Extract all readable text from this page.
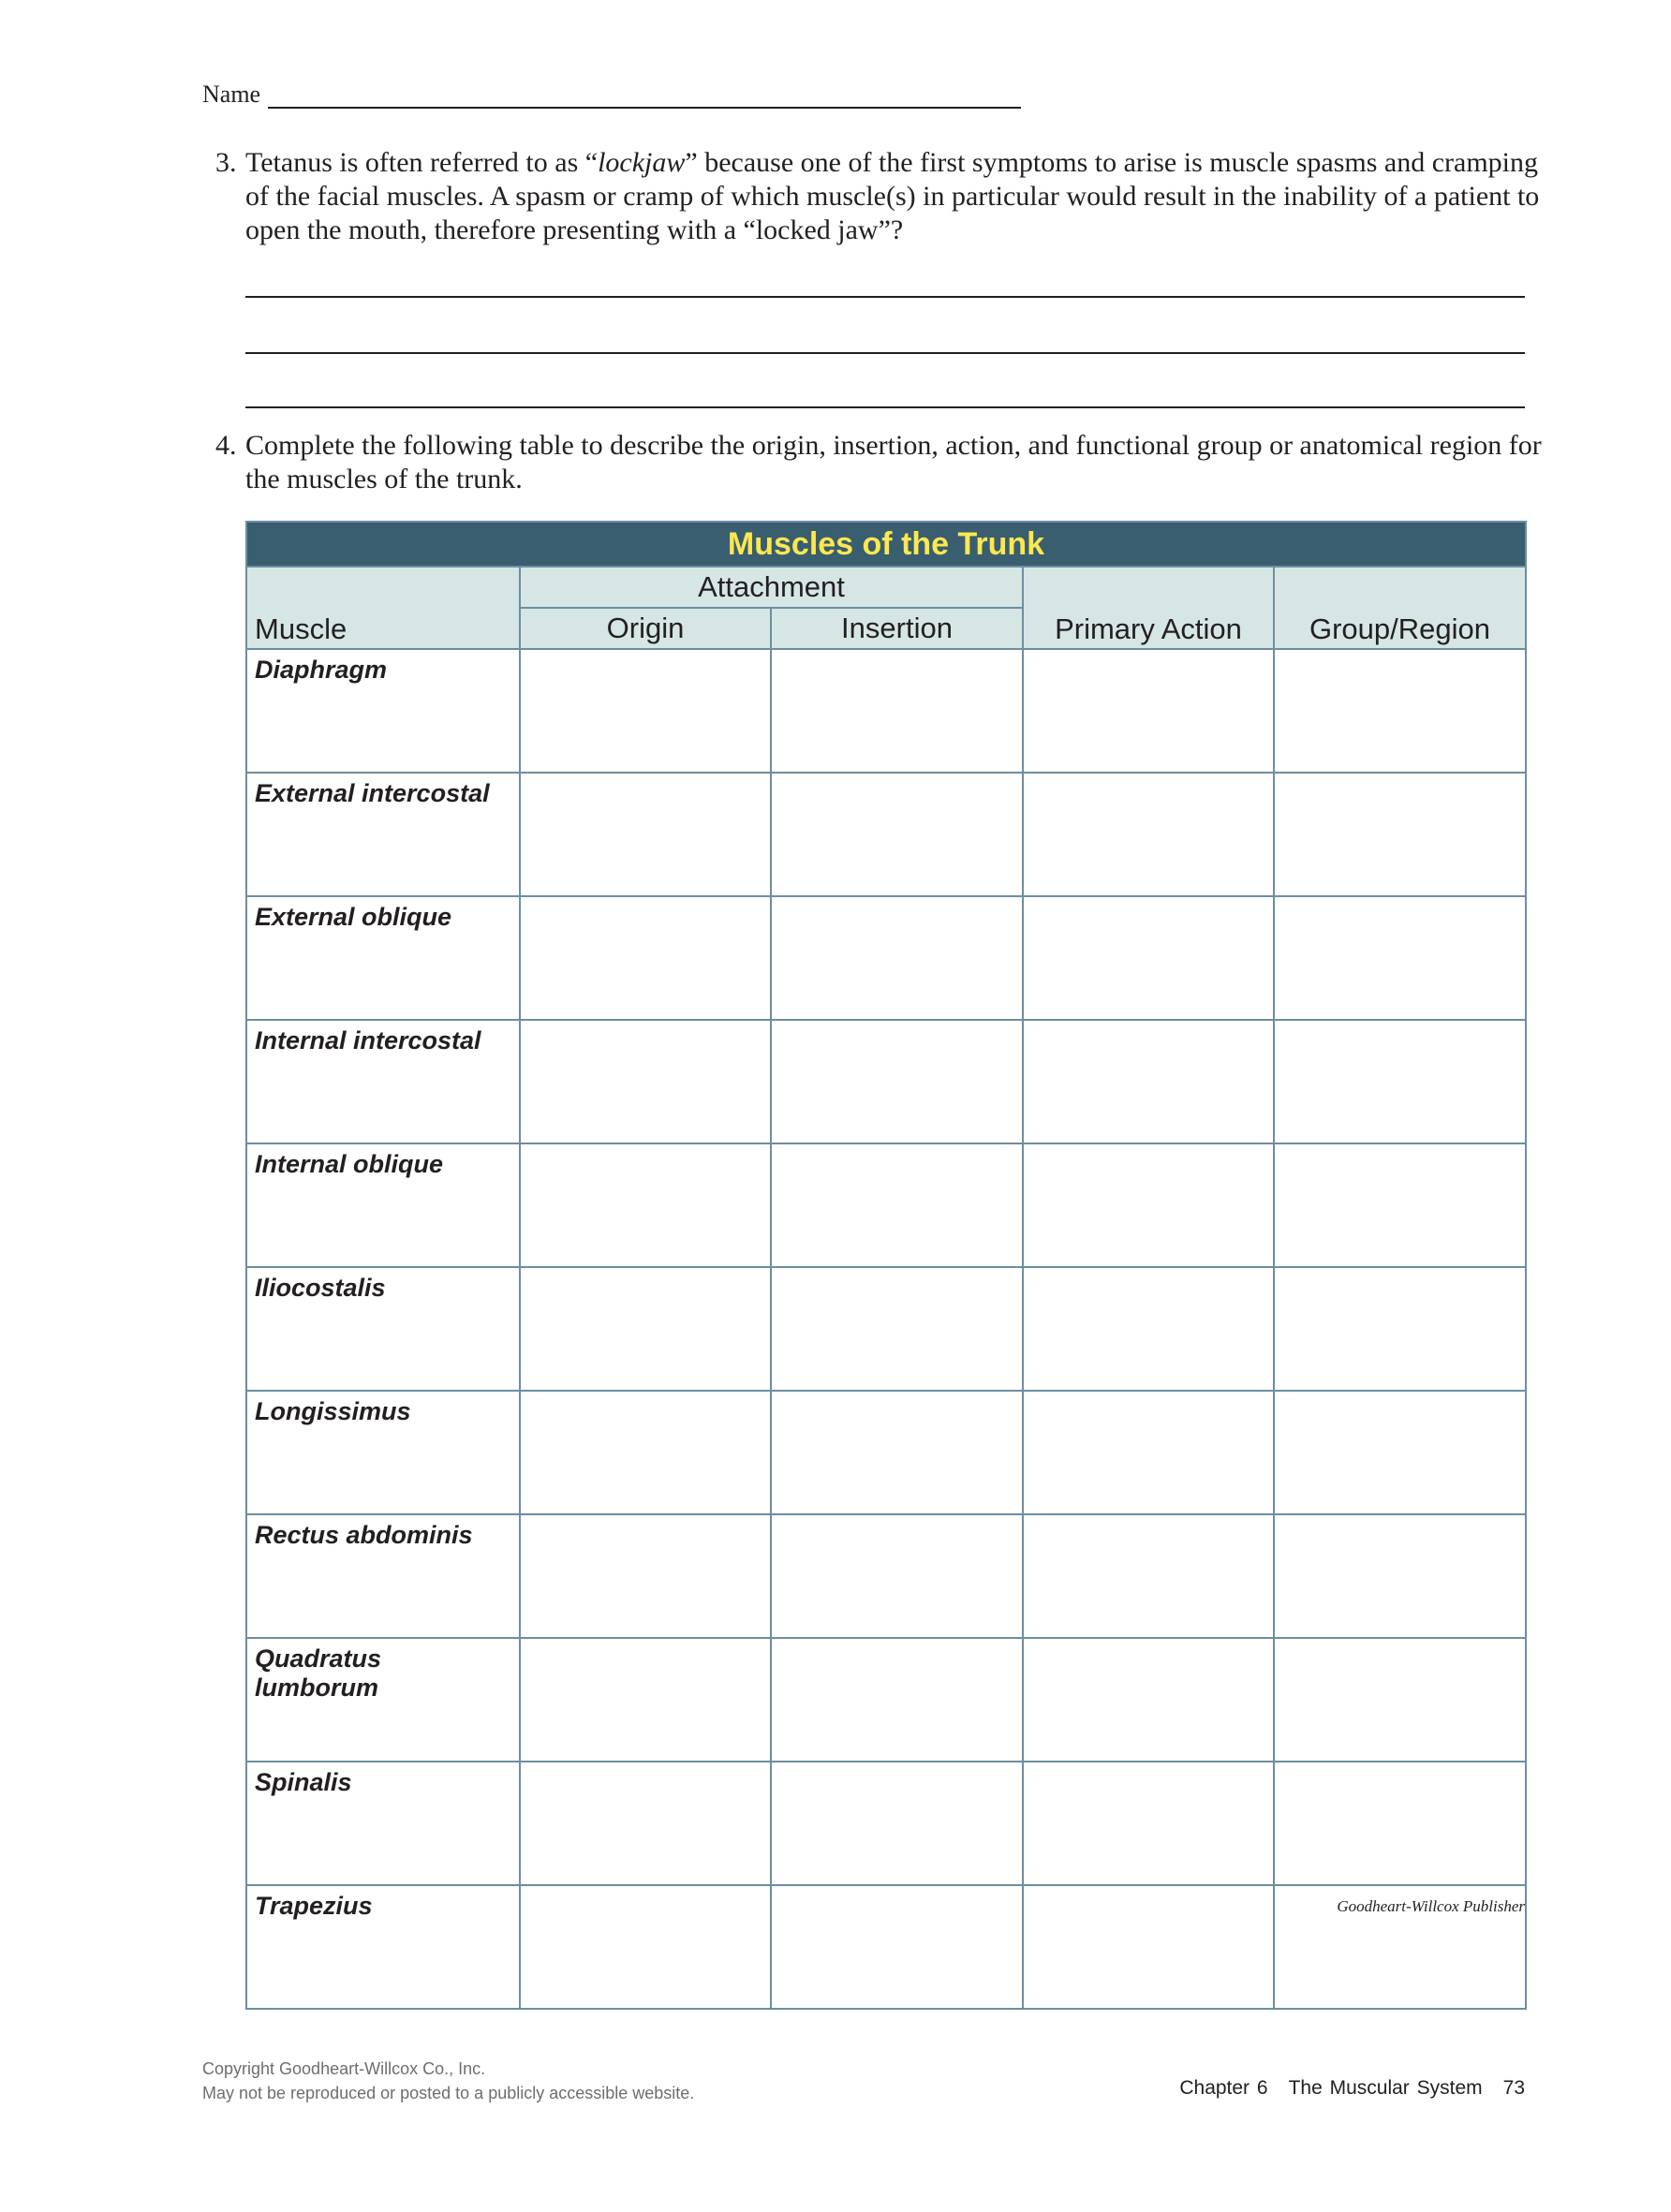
Name
3. Tetanus is often referred to as “lockjaw” because one of the first symptoms to arise is muscle spasms and cramping of the facial muscles. A spasm or cramp of which muscle(s) in particular would result in the inability of a patient to open the mouth, therefore presenting with a “locked jaw”?
4. Complete the following table to describe the origin, insertion, action, and functional group or anatomical region for the muscles of the trunk.
Muscles of the Trunk				
Muscle	Attachment		Primary Action	Group/Region
	Origin	Insertion		
Diaphragm				
External intercostal				
External oblique				
Internal intercostal				
Internal oblique				
Iliocostalis				
Longissimus				
Rectus abdominis				
Quadratus lumborum				
Spinalis				
Trapezius					Goodheart-Willcox Publisher
Copyright Goodheart-Willcox Co., Inc.
May not be reproduced or posted to a publicly accessible website.	Chapter 6 The Muscular System 73
